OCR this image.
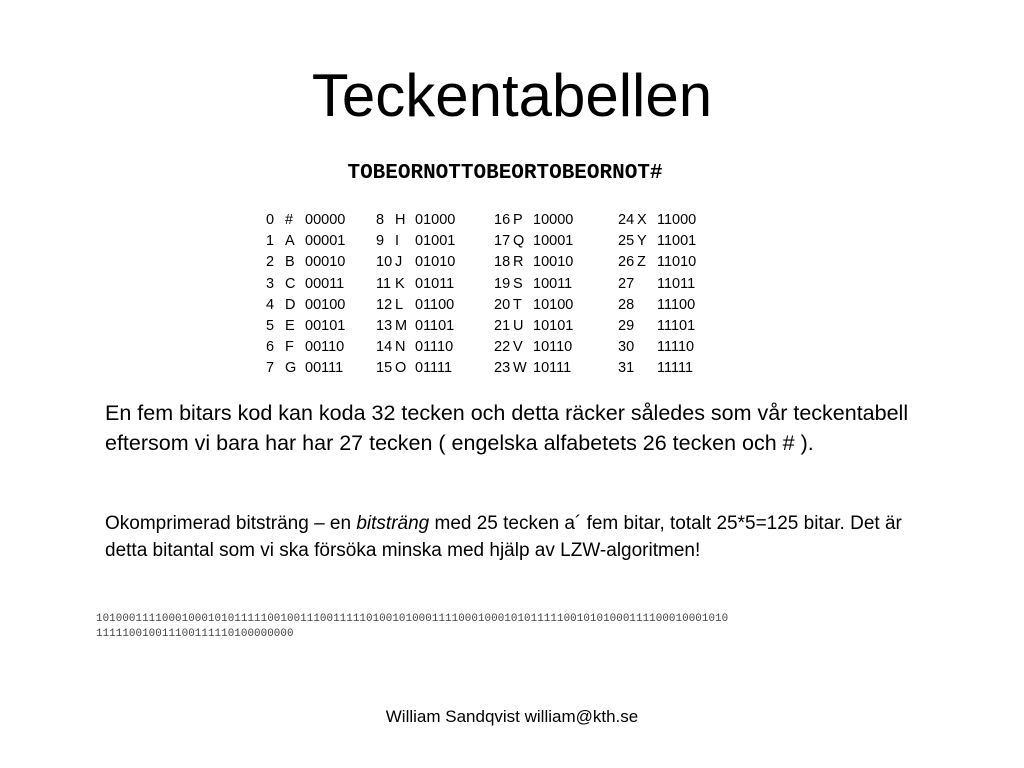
Teckentabellen
TOBEORNOTTOBEORTOBEORNOT#
0 # 00000
1 A 00001
2 B 00010
3 C 00011
4 D 00100
5 E 00101
6 F 00110
7 G 00111
8 H 01000
9 I 01001
10 J 01010
11 K 01011
12 L 01100
13 M 01101
14 N 01110
15 O 01111
16 P 10000
17 Q 10001
18 R 10010
19 S 10011
20 T 10100
21 U 10101
22 V 10110
23 W 10111
24 X 11000
25 Y 11001
26 Z 11010
27 11011
28 11100
29 11101
30 11110
31 11111
En fem bitars kod kan koda 32 tecken och detta räcker således som vår teckentabell eftersom vi bara har har 27 tecken ( engelska alfabetets 26 tecken och # ).
Okomprimerad bitsträng – en bitsträng med 25 tecken a´ fem bitar, totalt 25*5=125 bitar. Det är detta bitantal som vi ska försöka minska med hjälp av LZW-algoritmen!
101000111100010001010111110010011100111110100101000111100010001010111110010101000111100010001010
111110010011100111110100000000
William Sandqvist william@kth.se
